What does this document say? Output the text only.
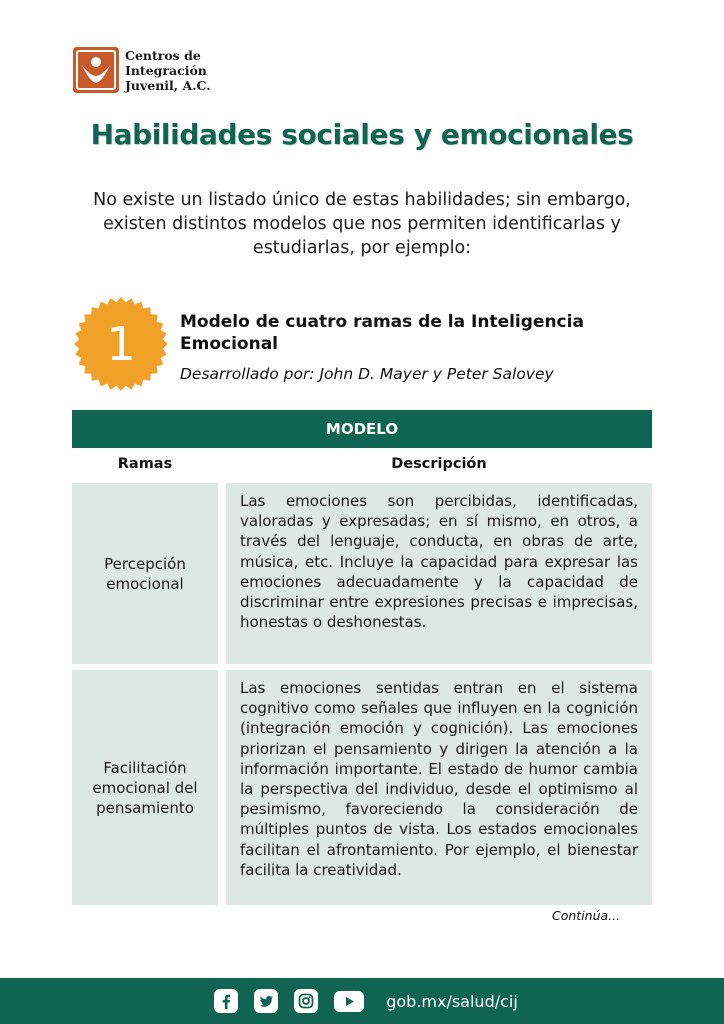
Centros de
Integración
Juvenil, A.C.
Habilidades sociales y emocionales

No existe un listado único de estas habilidades; sin embargo, existen distintos modelos que nos permiten identificarlas y estudiarlas, por ejemplo:

1	Modelo de cuatro ramas de la Inteligencia Emocional
Desarrollado por: John D. Mayer y Peter Salovey
MODELO
Ramas	Descripción
Percepción emocional
Las emociones son percibidas, identificadas, valoradas y expresadas; en sí mismo, en otros, a través del lenguaje, conducta, en obras de arte, música, etc. Incluye la capacidad para expresar las emociones adecuadamente y la capacidad de discriminar entre expresiones precisas e imprecisas, honestas o deshonestas.
Facilitación emocional del pensamiento
Las emociones sentidas entran en el sistema cognitivo como señales que influyen en la cognición (integración emoción y cognición). Las emociones priorizan el pensamiento y dirigen la atención a la información importante. El estado de humor cambia la perspectiva del individuo, desde el optimismo al pesimismo, favoreciendo la consideración de múltiples puntos de vista. Los estados emocionales facilitan el afrontamiento. Por ejemplo, el bienestar facilita la creatividad.
Continúa...
gob.mx/salud/cij
